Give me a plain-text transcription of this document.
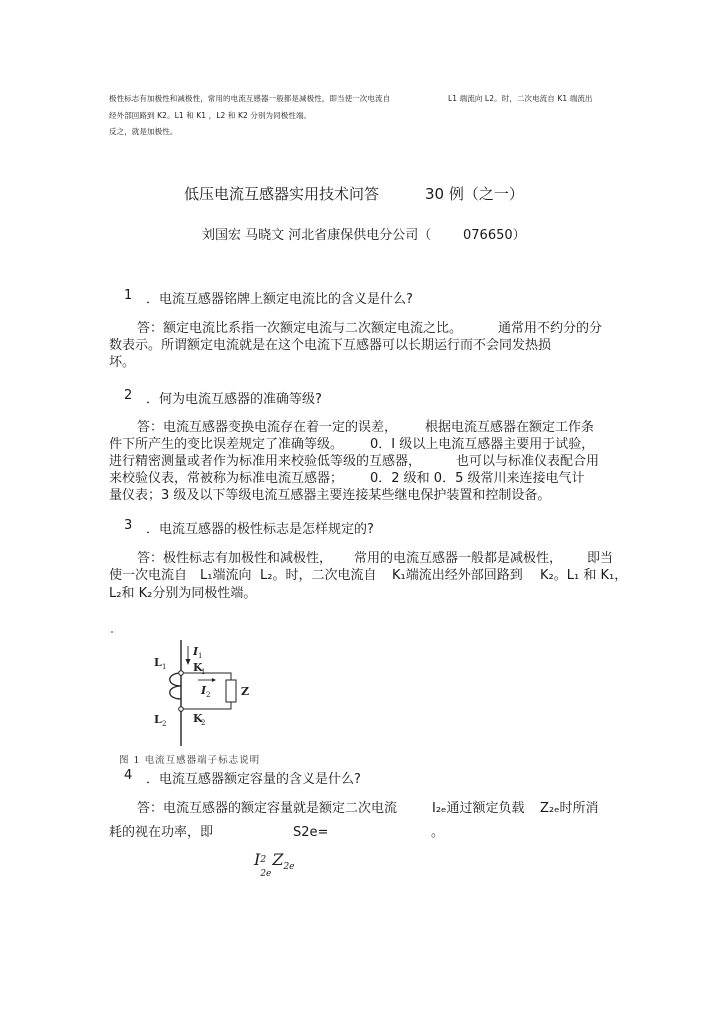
极性标志有加极性和减极性，常用的电流互感器一般都是减极性，即当使一次电流自	L1 端流向 L2。时，二次电流自 K1 端流出
经外部回路到 K2。L1 和 K1 ，L2 和 K2 分别为同极性端。
反之，就是加极性。
低压电流互感器实用技术问答	30 例（之一）
刘国宏 马晓文 河北省康保供电分公司（ 076650）
1 ．电流互感器铭牌上额定电流比的含义是什么?
答：额定电流比系指一次额定电流与二次额定电流之比。	通常用不约分的分
数表示。所谓额定电流就是在这个电流下互感器可以长期运行而不会同发热损
坏。
2 ．何为电流互感器的准确等级?
答：电流互感器变换电流存在着一定的误差， 根据电流互感器在额定工作条
件下所产生的变比误差规定了准确等级。 0．I 级以上电流互感器主要用于试验，
进行精密测量或者作为标准用来校验低等级的互感器，	也可以与标准仪表配合用
来校验仪表，常被称为标准电流互感器； 0．2 级和 0．5 级常川来连接电气计
量仪表；3 级及以下等级电流互感器主要连接某些继电保护装置和控制设备。
3 ．电流互感器的极性标志是怎样规定的?
答：极性标志有加极性和减极性， 常用的电流互感器一般都是减极性， 即当
使一次电流自 L₁端流向 L₂。时，二次电流自 K₁端流出经外部回路到 K₂。L₁ 和 K₁，
L₂和 K₂分别为同极性端。
L 1
L 2
K
1
K
2
I 1
I 2	Z
图 1 电流互感器端子标志说明
4 ．电流互感器额定容量的含义是什么?
答：电流互感器的额定容量就是额定二次电流	I₂ₑ通过额定负载 Z₂ₑ时所消
耗的视在功率，即	S2e=	。
I 2
2e
$Z_{2e}$
